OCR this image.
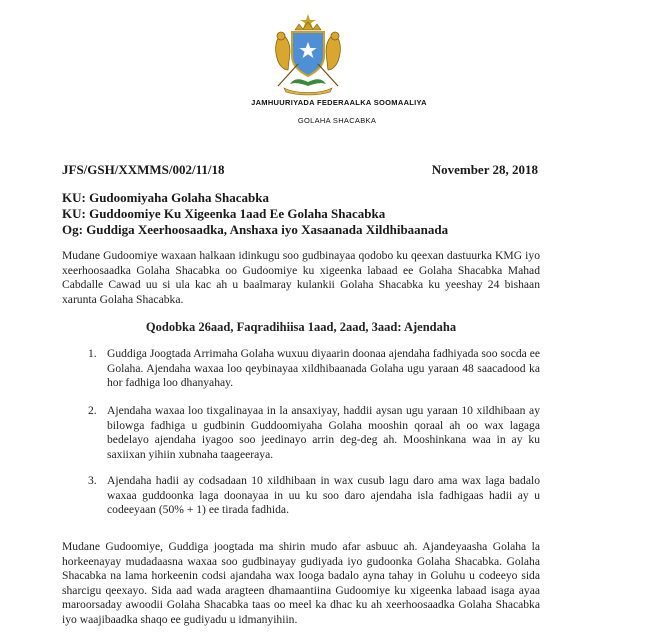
JAMHUURIYADA FEDERAALKA SOOMAALIYA
GOLAHA SHACABKA
JFS/GSH/XXMMS/002/11/18	November 28, 2018
KU: Gudoomiyaha Golaha Shacabka
KU: Guddoomiye Ku Xigeenka 1aad Ee Golaha Shacabka
Og: Guddiga Xeerhoosaadka, Anshaxa iyo Xasaanada Xildhibaanada
Mudane Gudoomiye waxaan halkaan idinkugu soo gudbinayaa qodobo ku qeexan dastuurka KMG iyo xeerhoosaadka Golaha Shacabka oo Gudoomiye ku xigeenka labaad ee Golaha Shacabka Mahad Cabdalle Cawad uu si ula kac ah u baalmaray kulankii Golaha Shacabka ku yeeshay 24 bishaan xarunta Golaha Shacabka.
Qodobka 26aad, Faqradihiisa 1aad, 2aad, 3aad: Ajendaha
1. Guddiga Joogtada Arrimaha Golaha wuxuu diyaarin doonaa ajendaha fadhiyada soo socda ee Golaha. Ajendaha waxaa loo qeybinayaa xildhibaanada Golaha ugu yaraan 48 saacadood ka hor fadhiga loo dhanyahay.
2. Ajendaha waxaa loo tixgalinayaa in la ansaxiyay, haddii aysan ugu yaraan 10 xildhibaan ay bilowga fadhiga u gudbinin Guddoomiyaha Golaha mooshin qoraal ah oo wax lagaga bedelayo ajendaha iyagoo soo jeedinayo arrin deg-deg ah. Mooshinkana waa in ay ku saxiixan yihiin xubnaha taageeraya.
3. Ajendaha hadii ay codsadaan 10 xildhibaan in wax cusub lagu daro ama wax laga badalo waxaa guddoonka laga doonayaa in uu ku soo daro ajendaha isla fadhigaas hadii ay u codeeyaan (50% + 1) ee tirada fadhida.
Mudane Gudoomiye, Guddiga joogtada ma shirin mudo afar asbuuc ah. Ajandeyaasha Golaha la horkeenayay mudadaasna waxaa soo gudbinayay gudiyada iyo gudoonka Golaha Shacabka. Golaha Shacabka na lama horkeenin codsi ajandaha wax looga badalo ayna tahay in Goluhu u codeeyo sida sharcigu qeexayo. Sida aad wada aragteen dhamaantiina Gudoomiye ku xigeenka labaad isaga ayaa maroorsaday awoodii Golaha Shacabka taas oo meel ka dhac ku ah xeerhoosaadka Golaha Shacabka iyo waajibaadka shaqo ee gudiyadu u idmanyihiin.
